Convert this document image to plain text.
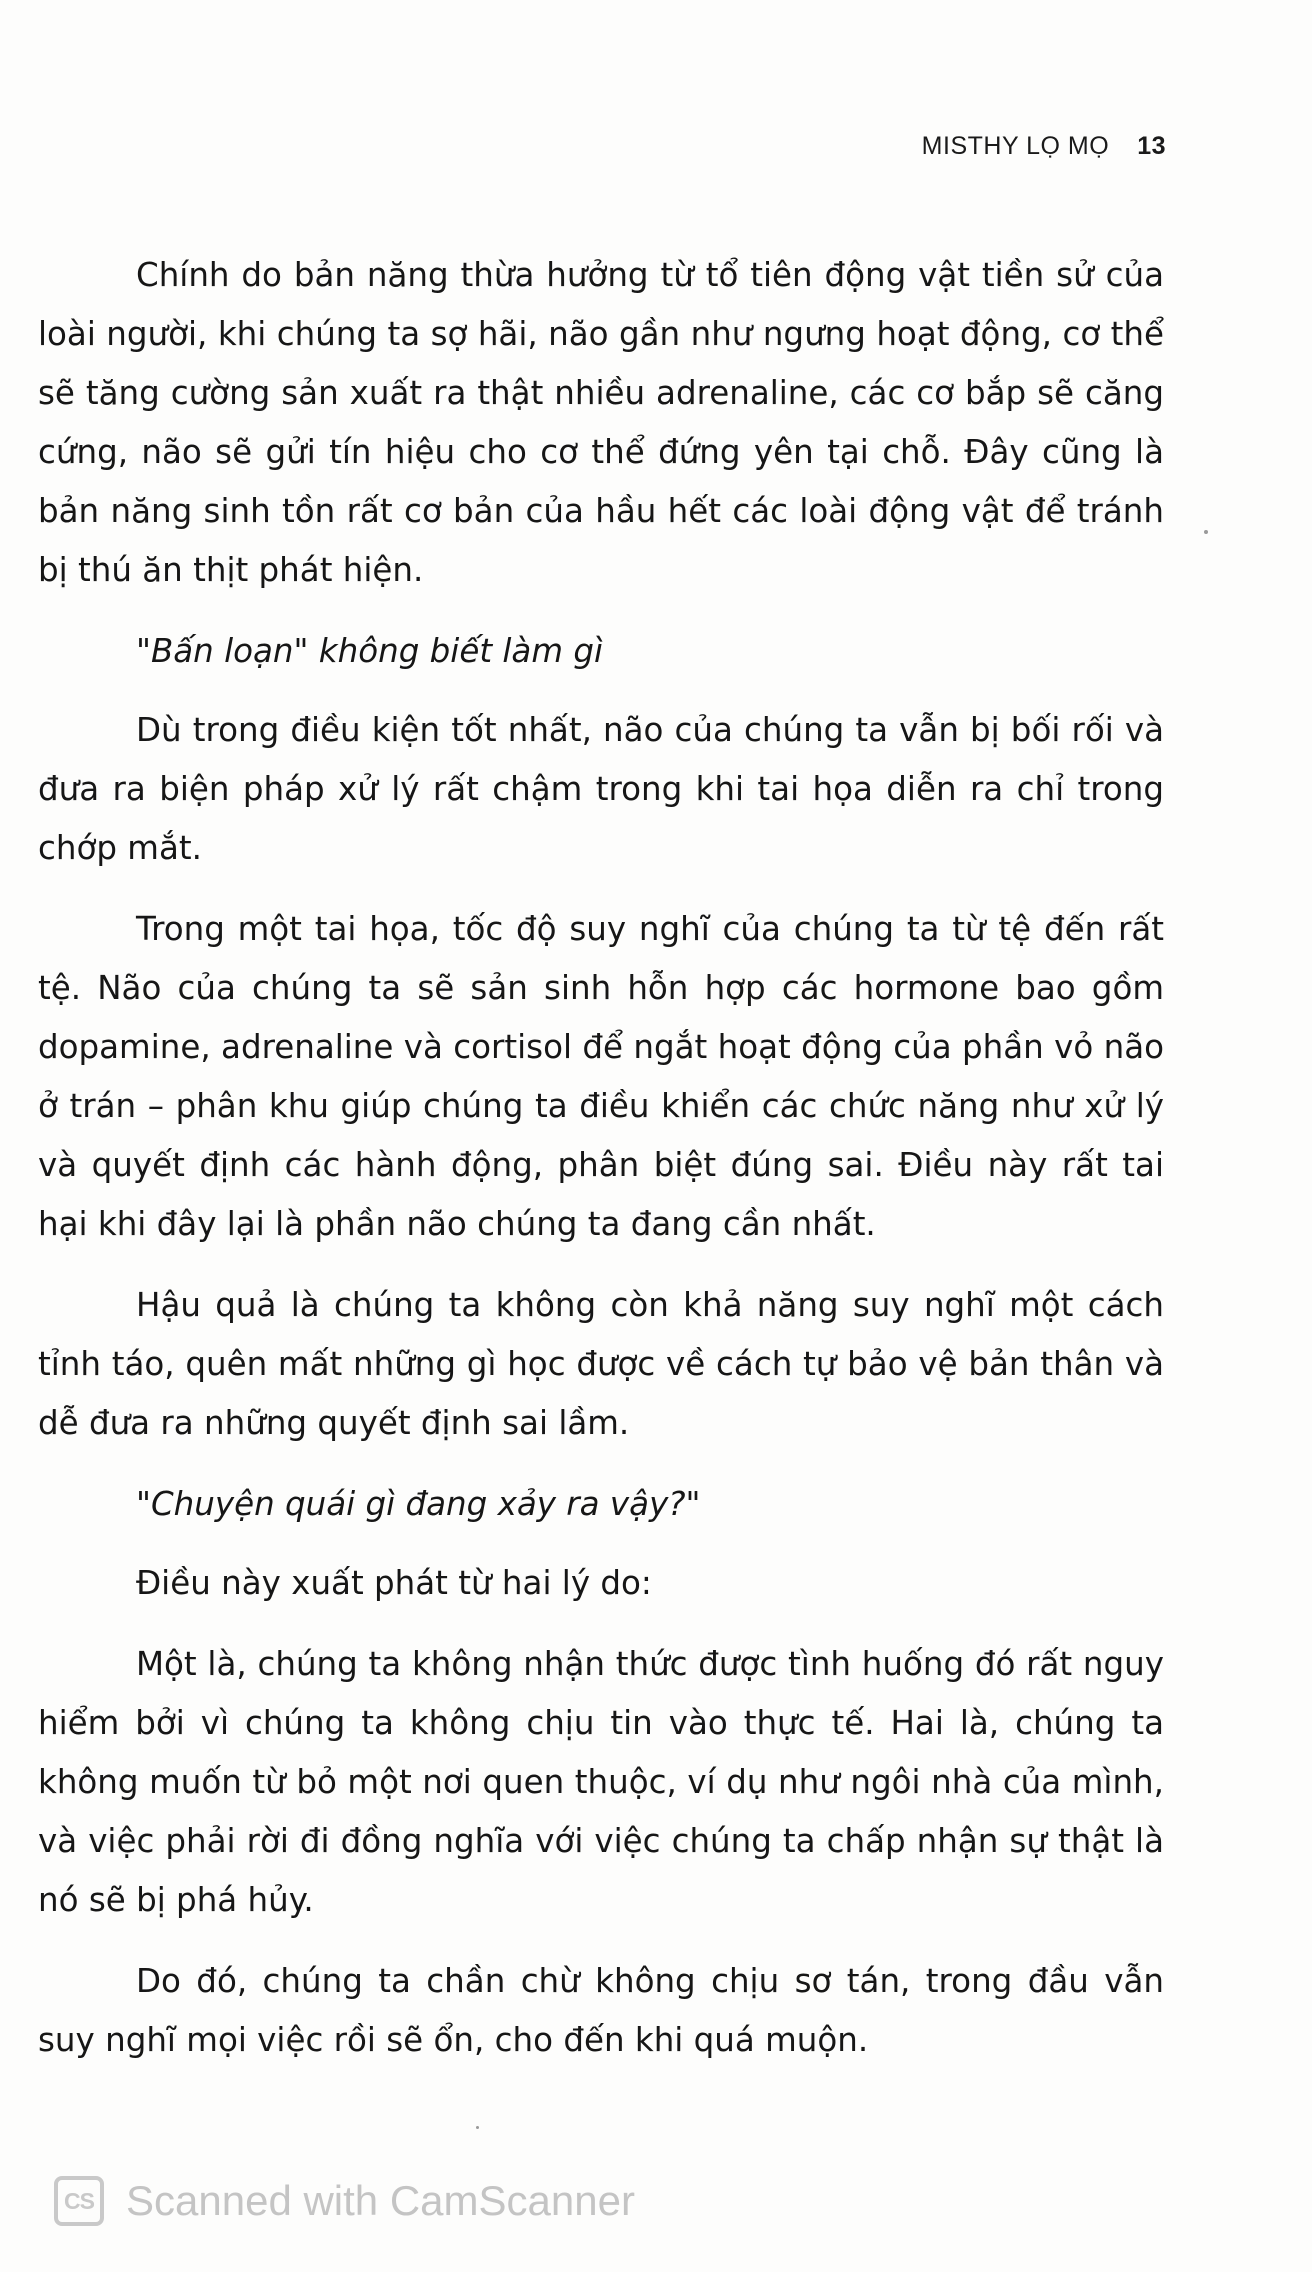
MISTHY LỌ MỌ 13

Chính do bản năng thừa hưởng từ tổ tiên động vật tiền sử của loài người, khi chúng ta sợ hãi, não gần như ngưng hoạt động, cơ thể sẽ tăng cường sản xuất ra thật nhiều adrenaline, các cơ bắp sẽ căng cứng, não sẽ gửi tín hiệu cho cơ thể đứng yên tại chỗ. Đây cũng là bản năng sinh tồn rất cơ bản của hầu hết các loài động vật để tránh bị thú ăn thịt phát hiện.

"Bấn loạn" không biết làm gì

Dù trong điều kiện tốt nhất, não của chúng ta vẫn bị bối rối và đưa ra biện pháp xử lý rất chậm trong khi tai họa diễn ra chỉ trong chớp mắt.

Trong một tai họa, tốc độ suy nghĩ của chúng ta từ tệ đến rất tệ. Não của chúng ta sẽ sản sinh hỗn hợp các hormone bao gồm dopamine, adrenaline và cortisol để ngắt hoạt động của phần vỏ não ở trán – phân khu giúp chúng ta điều khiển các chức năng như xử lý và quyết định các hành động, phân biệt đúng sai. Điều này rất tai hại khi đây lại là phần não chúng ta đang cần nhất.

Hậu quả là chúng ta không còn khả năng suy nghĩ một cách tỉnh táo, quên mất những gì học được về cách tự bảo vệ bản thân và dễ đưa ra những quyết định sai lầm.

"Chuyện quái gì đang xảy ra vậy?"

Điều này xuất phát từ hai lý do:

Một là, chúng ta không nhận thức được tình huống đó rất nguy hiểm bởi vì chúng ta không chịu tin vào thực tế. Hai là, chúng ta không muốn từ bỏ một nơi quen thuộc, ví dụ như ngôi nhà của mình, và việc phải rời đi đồng nghĩa với việc chúng ta chấp nhận sự thật là nó sẽ bị phá hủy.

Do đó, chúng ta chần chừ không chịu sơ tán, trong đầu vẫn suy nghĩ mọi việc rồi sẽ ổn, cho đến khi quá muộn.

CS Scanned with CamScanner
